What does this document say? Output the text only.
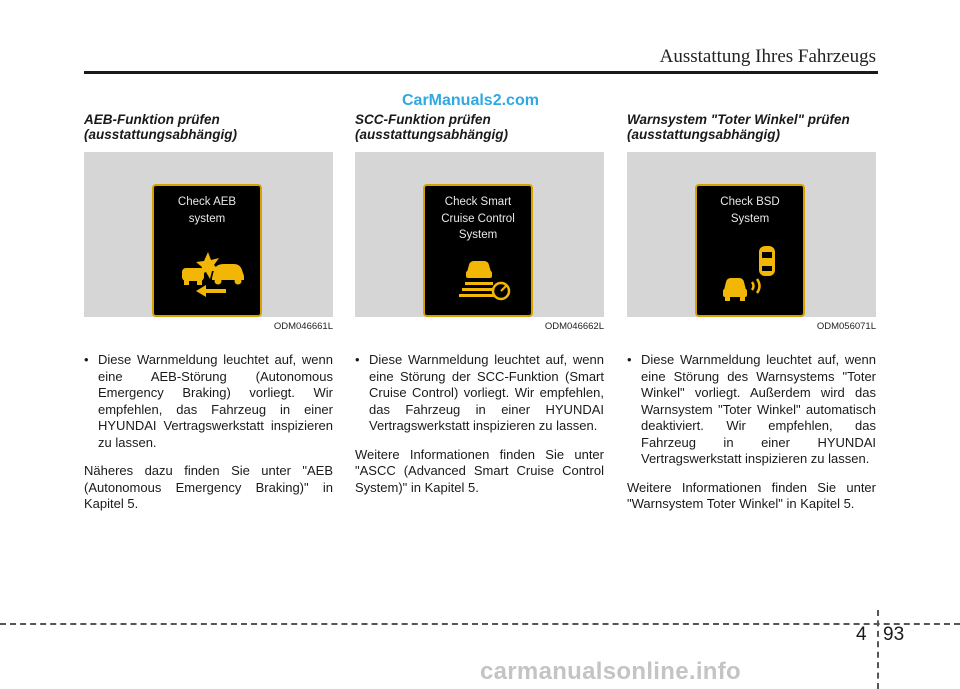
Ausstattung Ihres Fahrzeugs
CarManuals2.com
AEB-Funktion prüfen
(ausstattungsabhängig)
Check AEB
system
ODM046661L
• Diese Warnmeldung leuchtet auf, wenn eine AEB-Störung (Autonomous Emergency Braking) vorliegt. Wir empfehlen, das Fahrzeug in einer HYUNDAI Vertragswerkstatt inspizieren zu lassen.
Näheres dazu finden Sie unter "AEB (Autonomous Emergency Braking)" in Kapitel 5.
SCC-Funktion prüfen
(ausstattungsabhängig)
Check Smart
Cruise Control
System
ODM046662L
• Diese Warnmeldung leuchtet auf, wenn eine Störung der SCC-Funktion (Smart Cruise Control) vorliegt. Wir empfehlen, das Fahrzeug in einer HYUNDAI Vertragswerkstatt inspizieren zu lassen.
Weitere Informationen finden Sie unter "ASCC (Advanced Smart Cruise Control System)" in Kapitel 5.
Warnsystem "Toter Winkel" prüfen
(ausstattungsabhängig)
Check BSD
System
ODM056071L
• Diese Warnmeldung leuchtet auf, wenn eine Störung des Warnsystems "Toter Winkel" vorliegt. Außerdem wird das Warnsystem "Toter Winkel" automatisch deaktiviert. Wir empfehlen, das Fahrzeug in einer HYUNDAI Vertragswerkstatt inspizieren zu lassen.
Weitere Informationen finden Sie unter "Warnsystem Toter Winkel" in Kapitel 5.
4 93
carmanualsonline.info
